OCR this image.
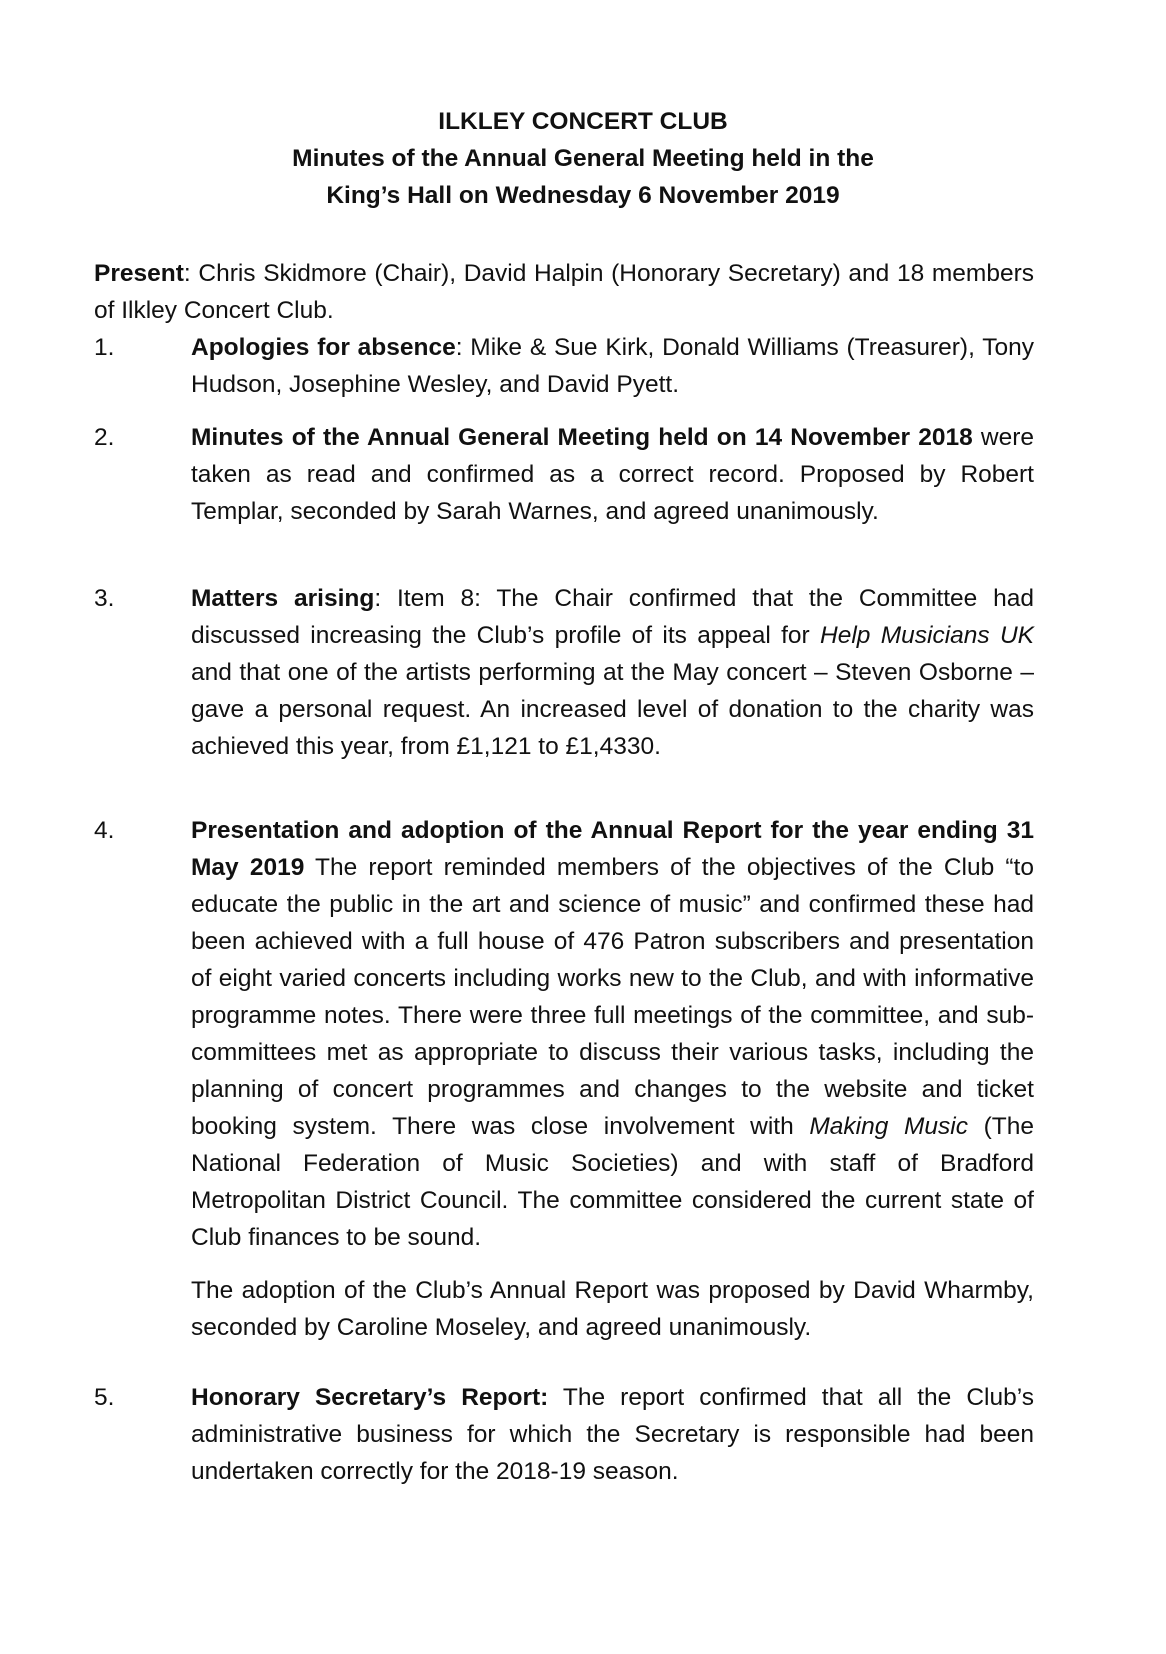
ILKLEY CONCERT CLUB
Minutes of the Annual General Meeting held in the
King’s Hall on Wednesday 6 November 2019

Present: Chris Skidmore (Chair), David Halpin (Honorary Secretary) and 18 members of Ilkley Concert Club.

1.	Apologies for absence: Mike & Sue Kirk, Donald Williams (Treasurer), Tony Hudson, Josephine Wesley, and David Pyett.

2.	Minutes of the Annual General Meeting held on 14 November 2018 were taken as read and confirmed as a correct record. Proposed by Robert Templar, seconded by Sarah Warnes, and agreed unanimously.

3.	Matters arising: Item 8: The Chair confirmed that the Committee had discussed increasing the Club’s profile of its appeal for Help Musicians UK and that one of the artists performing at the May concert – Steven Osborne – gave a personal request. An increased level of donation to the charity was achieved this year, from £1,121 to £1,4330.

4.	Presentation and adoption of the Annual Report for the year ending 31 May 2019 The report reminded members of the objectives of the Club “to educate the public in the art and science of music” and confirmed these had been achieved with a full house of 476 Patron subscribers and presentation of eight varied concerts including works new to the Club, and with informative programme notes. There were three full meetings of the committee, and sub-committees met as appropriate to discuss their various tasks, including the planning of concert programmes and changes to the website and ticket booking system. There was close involvement with Making Music (The National Federation of Music Societies) and with staff of Bradford Metropolitan District Council. The committee considered the current state of Club finances to be sound.

The adoption of the Club’s Annual Report was proposed by David Wharmby, seconded by Caroline Moseley, and agreed unanimously.

5.	Honorary Secretary’s Report: The report confirmed that all the Club’s administrative business for which the Secretary is responsible had been undertaken correctly for the 2018-19 season.
